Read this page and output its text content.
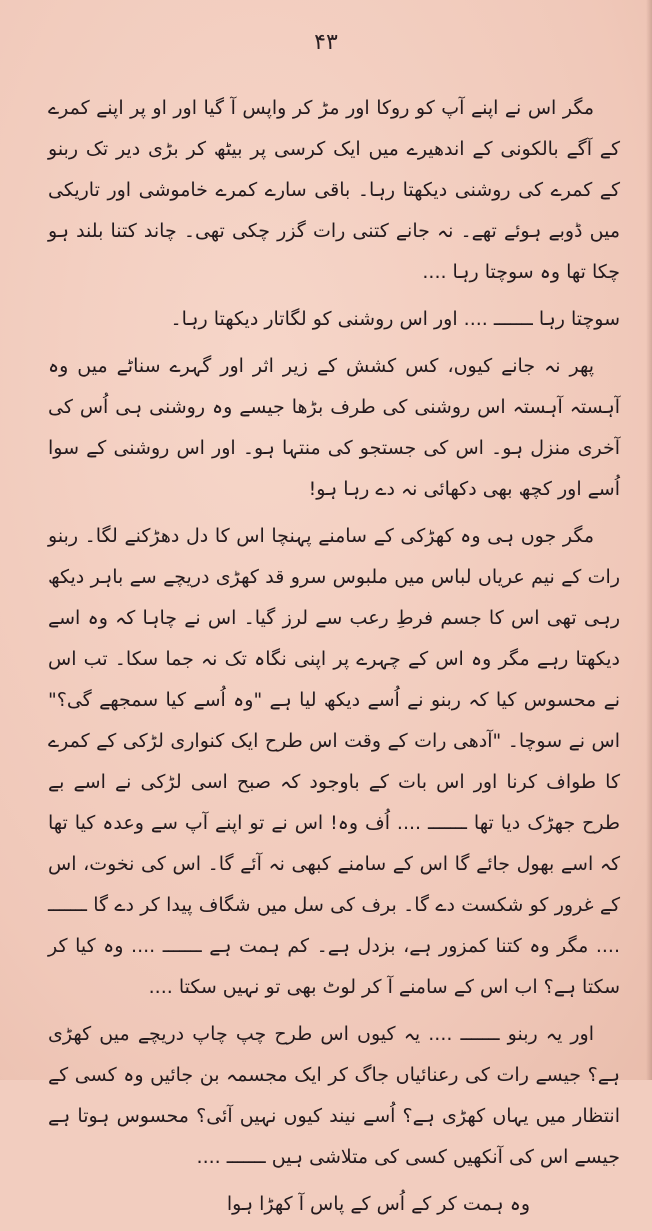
۴۳

مگر اس نے اپنے آپ کو روکا اور مڑ کر واپس آ گیا اور او پر اپنے کمرے کے آگے بالکونی کے اندھیرے میں ایک کرسی پر بیٹھ کر بڑی دیر تک ربنو کے کمرے کی روشنی دیکھتا رہا۔ باقی سارے کمرے خاموشی اور تاریکی میں ڈوبے ہوئے تھے۔ نہ جانے کتنی رات گزر چکی تھی۔ چاند کتنا بلند ہو چکا تھا وہ سوچتا رہا ....

سوچتا رہا ـــــــ .... اور اس روشنی کو لگاتار دیکھتا رہا۔

پھر نہ جانے کیوں، کس کشش کے زیر اثر اور گہرے سناٹے میں وہ آہستہ آہستہ اس روشنی کی طرف بڑھا جیسے وہ روشنی ہی اُس کی آخری منزل ہو۔ اس کی جستجو کی منتہا ہو۔ اور اس روشنی کے سوا اُسے اور کچھ بھی دکھائی نہ دے رہا ہو!

مگر جوں ہی وہ کھڑکی کے سامنے پہنچا اس کا دل دھڑکنے لگا۔ ربنو رات کے نیم عریاں لباس میں ملبوس سرو قد کھڑی دریچے سے باہر دیکھ رہی تھی اس کا جسم فرطِ رعب سے لرز گیا۔ اس نے چاہا کہ وہ اسے دیکھتا رہے مگر وہ اس کے چہرے پر اپنی نگاہ تک نہ جما سکا۔ تب اس نے محسوس کیا کہ ربنو نے اُسے دیکھ لیا ہے "وہ اُسے کیا سمجھے گی؟" اس نے سوچا۔ "آدھی رات کے وقت اس طرح ایک کنواری لڑکی کے کمرے کا طواف کرنا اور اس بات کے باوجود کہ صبح اسی لڑکی نے اسے بے طرح جھڑک دیا تھا ـــــــ .... اُف وہ! اس نے تو اپنے آپ سے وعدہ کیا تھا کہ اسے بھول جائے گا اس کے سامنے کبھی نہ آئے گا۔ اس کی نخوت، اس کے غرور کو شکست دے گا۔ برف کی سل میں شگاف پیدا کر دے گا ـــــــ .... مگر وہ کتنا کمزور ہے، بزدل ہے۔ کم ہمت ہے ـــــــ .... وہ کیا کر سکتا ہے؟ اب اس کے سامنے آ کر لوٹ بھی تو نہیں سکتا ....

اور یہ ربنو ـــــــ .... یہ کیوں اس طرح چپ چاپ دریچے میں کھڑی ہے؟ جیسے رات کی رعنائیاں جاگ کر ایک مجسمہ بن جائیں وہ کسی کے انتظار میں یہاں کھڑی ہے؟ اُسے نیند کیوں نہیں آئی؟ محسوس ہوتا ہے جیسے اس کی آنکھیں کسی کی متلاشی ہیں ـــــــ ....

وہ ہمت کر کے اُس کے پاس آ کھڑا ہوا
